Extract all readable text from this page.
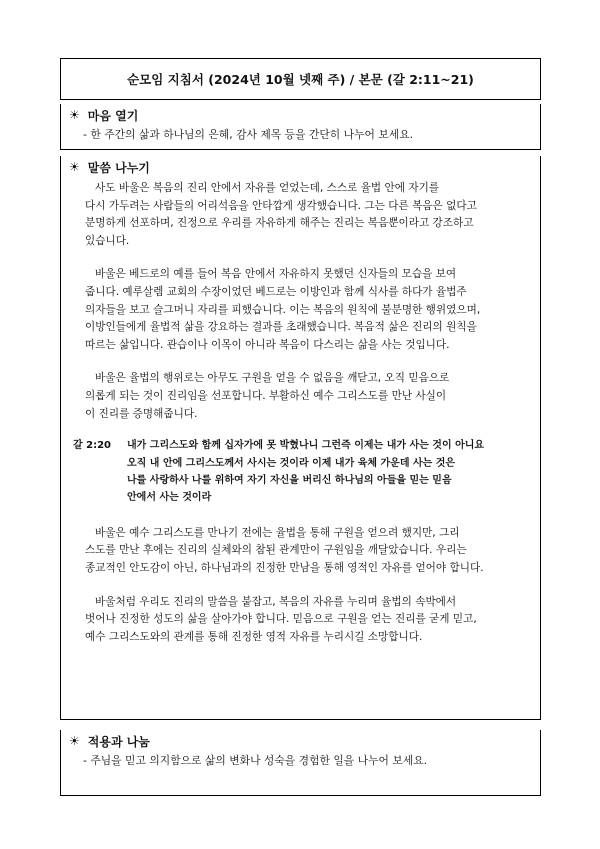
순모임 지침서 (2024년 10월 넷째 주) / 본문 (갈 2:11~21)
☀ 마음 열기
- 한 주간의 삶과 하나님의 은혜, 감사 제목 등을 간단히 나누어 보세요.
☀ 말씀 나누기
사도 바울은 복음의 진리 안에서 자유를 얻었는데, 스스로 율법 안에 자기를
다시 가두려는 사람들의 어리석음을 안타깝게 생각했습니다. 그는 다른 복음은 없다고
분명하게 선포하며, 진정으로 우리를 자유하게 해주는 진리는 복음뿐이라고 강조하고
있습니다.
바울은 베드로의 예를 들어 복음 안에서 자유하지 못했던 신자들의 모습을 보여
줍니다. 예루살렘 교회의 수장이었던 베드로는 이방인과 함께 식사를 하다가 율법주
의자들을 보고 슬그머니 자리를 피했습니다. 이는 복음의 원칙에 불분명한 행위였으며,
이방인들에게 율법적 삶을 강요하는 결과를 초래했습니다. 복음적 삶은 진리의 원칙을
따르는 삶입니다. 관습이나 이목이 아니라 복음이 다스리는 삶을 사는 것입니다.
바울은 율법의 행위로는 아무도 구원을 얻을 수 없음을 깨닫고, 오직 믿음으로
의롭게 되는 것이 진리임을 선포합니다. 부활하신 예수 그리스도를 만난 사실이
이 진리를 증명해줍니다.
갈 2:20	내가 그리스도와 함께 십자가에 못 박혔나니 그런즉 이제는 내가 사는 것이 아니요
오직 내 안에 그리스도께서 사시는 것이라 이제 내가 육체 가운데 사는 것은
나를 사랑하사 나를 위하여 자기 자신을 버리신 하나님의 아들을 믿는 믿음
안에서 사는 것이라
바울은 예수 그리스도를 만나기 전에는 율법을 통해 구원을 얻으려 했지만, 그리
스도를 만난 후에는 진리의 실체와의 참된 관계만이 구원임을 깨달았습니다. 우리는
종교적인 안도감이 아닌, 하나님과의 진정한 만남을 통해 영적인 자유를 얻어야 합니다.
바울처럼 우리도 진리의 말씀을 붙잡고, 복음의 자유를 누리며 율법의 속박에서
벗어나 진정한 성도의 삶을 살아가야 합니다. 믿음으로 구원을 얻는 진리를 굳게 믿고,
예수 그리스도와의 관계를 통해 진정한 영적 자유를 누리시길 소망합니다.
☀ 적용과 나눔
- 주님을 믿고 의지함으로 삶의 변화나 성숙을 경험한 일을 나누어 보세요.
